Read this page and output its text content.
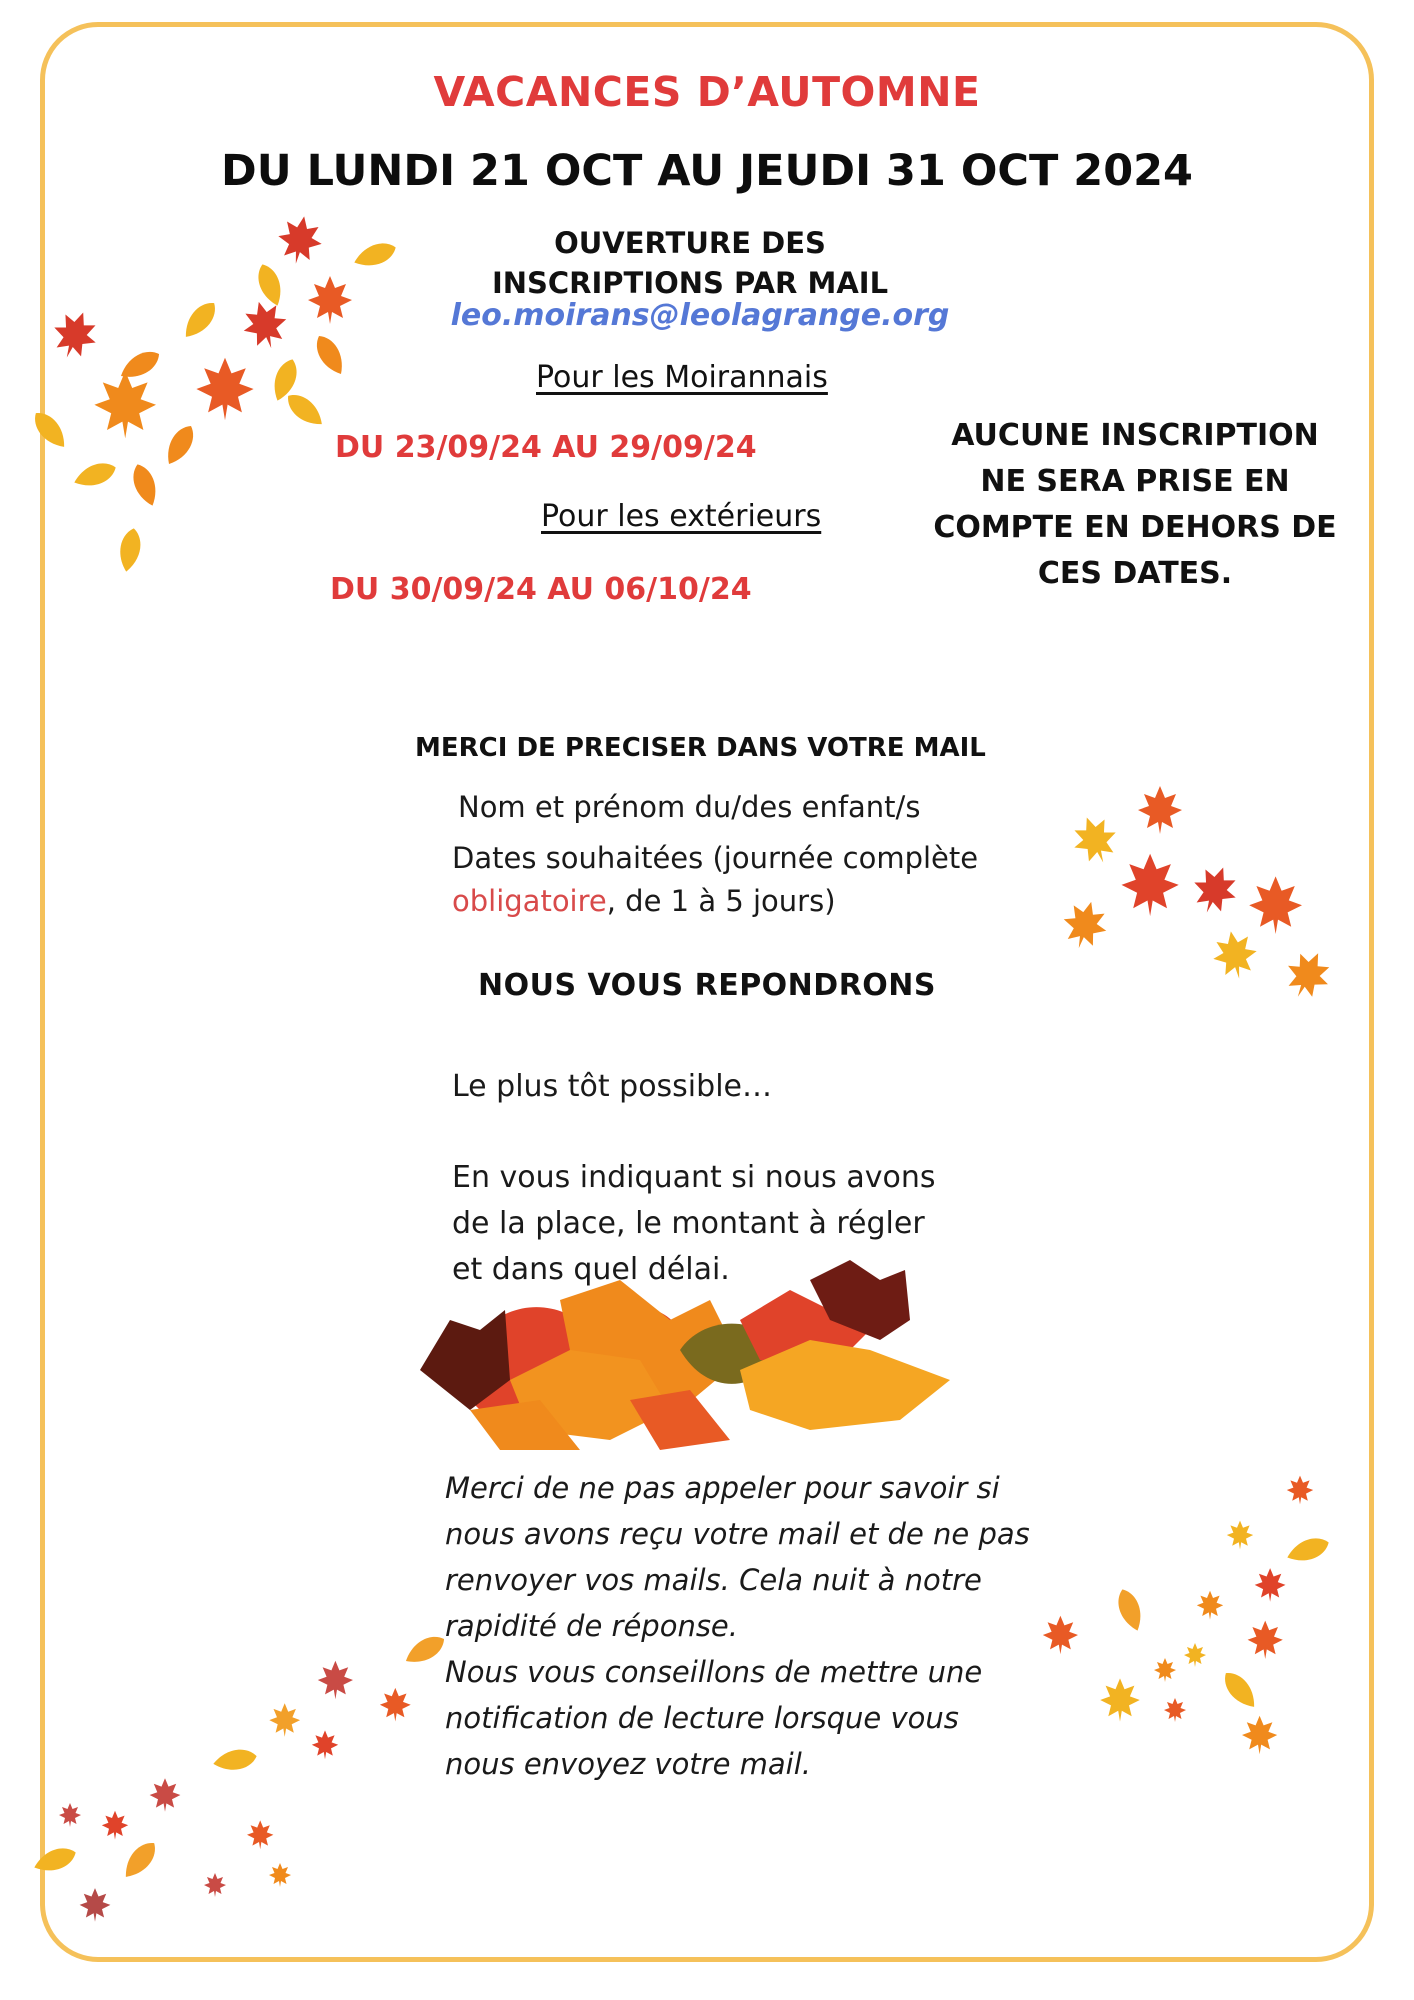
VACANCES D’AUTOMNE
DU LUNDI 21 OCT AU JEUDI 31 OCT 2024
OUVERTURE DES
INSCRIPTIONS PAR MAIL
leo.moirans@leolagrange.org
Pour les Moirannais
DU 23/09/24 AU 29/09/24
Pour les extérieurs
DU 30/09/24 AU 06/10/24
AUCUNE INSCRIPTION
NE SERA PRISE EN
COMPTE EN DEHORS DE
CES DATES.
MERCI DE PRECISER DANS VOTRE MAIL
Nom et prénom du/des enfant/s
Dates souhaitées (journée complète
obligatoire, de 1 à 5 jours)
NOUS VOUS REPONDRONS
Le plus tôt possible…
En vous indiquant si nous avons
de la place, le montant à régler
et dans quel délai.
Merci de ne pas appeler pour savoir si
nous avons reçu votre mail et de ne pas
renvoyer vos mails. Cela nuit à notre
rapidité de réponse.
Nous vous conseillons de mettre une
notification de lecture lorsque vous
nous envoyez votre mail.
